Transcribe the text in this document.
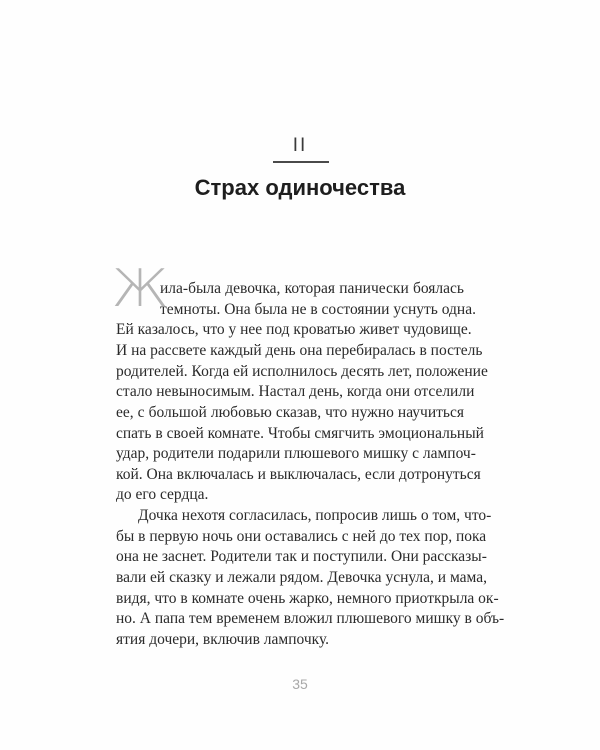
II
Страх одиночества
Ж
ила-была девочка, которая панически боялась
темноты. Она была не в состоянии уснуть одна.
Ей казалось, что у нее под кроватью живет чудовище.
И на рассвете каждый день она перебиралась в постель
родителей. Когда ей исполнилось десять лет, положение
стало невыносимым. Настал день, когда они отселили
ее, с большой любовью сказав, что нужно научиться
спать в своей комнате. Чтобы смягчить эмоциональный
удар, родители подарили плюшевого мишку с лампоч-
кой. Она включалась и выключалась, если дотронуться
до его сердца.
Дочка нехотя согласилась, попросив лишь о том, что-
бы в первую ночь они оставались с ней до тех пор, пока
она не заснет. Родители так и поступили. Они рассказы-
вали ей сказку и лежали рядом. Девочка уснула, и мама,
видя, что в комнате очень жарко, немного приоткрыла ок-
но. А папа тем временем вложил плюшевого мишку в объ-
ятия дочери, включив лампочку.
35
